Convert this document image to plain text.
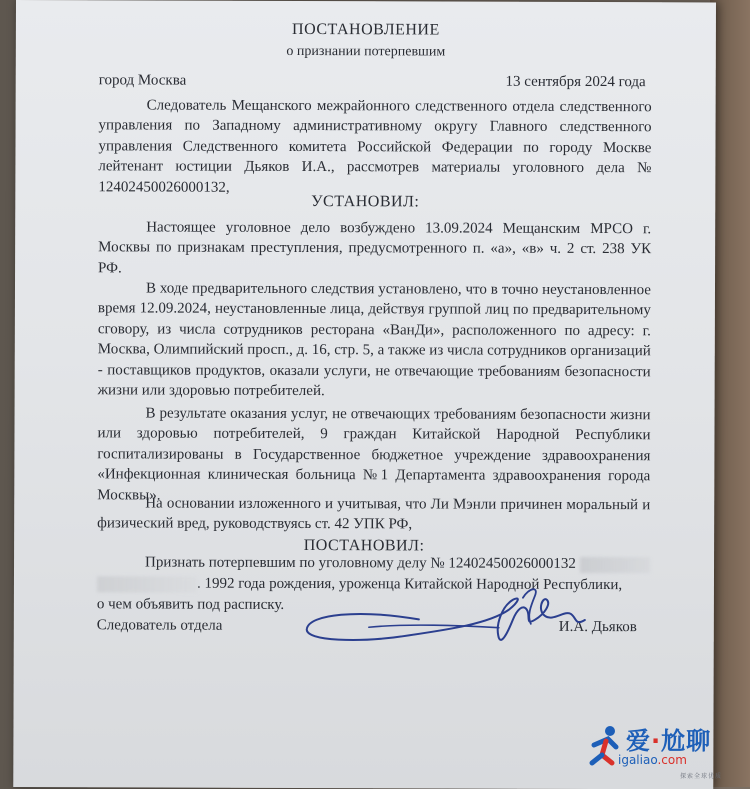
ПОСТАНОВЛЕНИЕ
о признании потерпевшим
город Москва	13 сентября 2024 года
Следователь Мещанского межрайонного следственного отдела следственного управления по Западному административному округу Главного следственного управления Следственного комитета Российской Федерации по городу Москве лейтенант юстиции Дьяков И.А., рассмотрев материалы уголовного дела № 12402450026000132,
УСТАНОВИЛ:
Настоящее уголовное дело возбуждено 13.09.2024 Мещанским МРСО г. Москвы по признакам преступления, предусмотренного п. «а», «в» ч. 2 ст. 238 УК РФ.
В ходе предварительного следствия установлено, что в точно неустановленное время 12.09.2024, неустановленные лица, действуя группой лиц по предварительному сговору, из числа сотрудников ресторана «ВанДи», расположенного по адресу: г. Москва, Олимпийский просп., д. 16, стр. 5, а также из числа сотрудников организаций - поставщиков продуктов, оказали услуги, не отвечающие требованиям безопасности жизни или здоровью потребителей.
В результате оказания услуг, не отвечающих требованиям безопасности жизни или здоровью потребителей, 9 граждан Китайской Народной Республики госпитализированы в Государственное бюджетное учреждение здравоохранения «Инфекционная клиническая больница №1 Департамента здравоохранения города Москвы».
На основании изложенного и учитывая, что Ли Мэнли причинен моральный и физический вред, руководствуясь ст. 42 УПК РФ,
ПОСТАНОВИЛ:
Признать потерпевшим по уголовному делу № 12402450026000132
. 1992 года рождения, уроженца Китайской Народной Республики,
о чем объявить под расписку.
Следователь отдела	И.А. Дьяков
爱·尬聊
igaliao.com
探索全球优质
